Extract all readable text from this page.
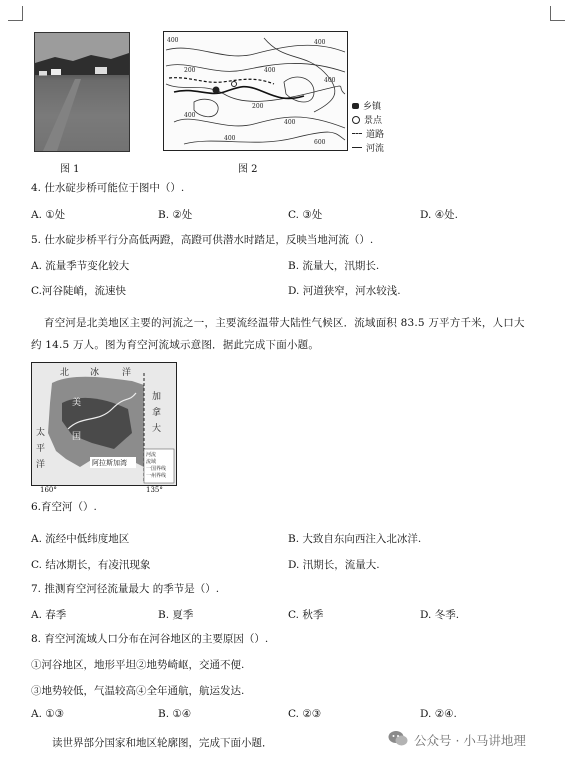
图 1
400	400
200	400
400
400
200
400
400
600
乡镇
景点
道路
河流
图 2
4. 仕水碇步桥可能位于图中（）.
A. ①处	B. ②处	C. ③处	D. ④处.
5. 仕水碇步桥平行分高低两蹬，高蹬可供潜水时踏足，反映当地河流（）.
A. 流量季节变化较大	B. 流量大，汛期长.
C.河谷陡峭，流速快	D. 河道狭窄，河水较浅.
育空河是北美地区主要的河流之一，主要流经温带大陆性气候区．流域面积 83.5 万平方千米，人口大
约 14.5 万人。图为育空河流域示意图．据此完成下面小题。
北 冰	洋
美
国
加
拿
大
太
平
洋	阿拉斯加湾
河流
流域
一国界线
一州界线
160°	135°
6.育空河（）.
A. 流经中低纬度地区	B. 大致自东向西注入北冰洋.
C. 结冰期长，有凌汛现象	D. 汛期长，流量大.
7. 推测育空河径流量最大 的季节是（）.
A. 春季	B. 夏季	C. 秋季	D. 冬季.
8. 育空河流域人口分布在河谷地区的主要原因（）.
①河谷地区，地形平坦②地势崎岖，交通不便.
③地势较低，气温较高④全年通航，航运发达.
A. ①③	B. ①④	C. ②③	D. ②④.
读世界部分国家和地区轮廓图，完成下面小题．	公众号 · 小马讲地理
